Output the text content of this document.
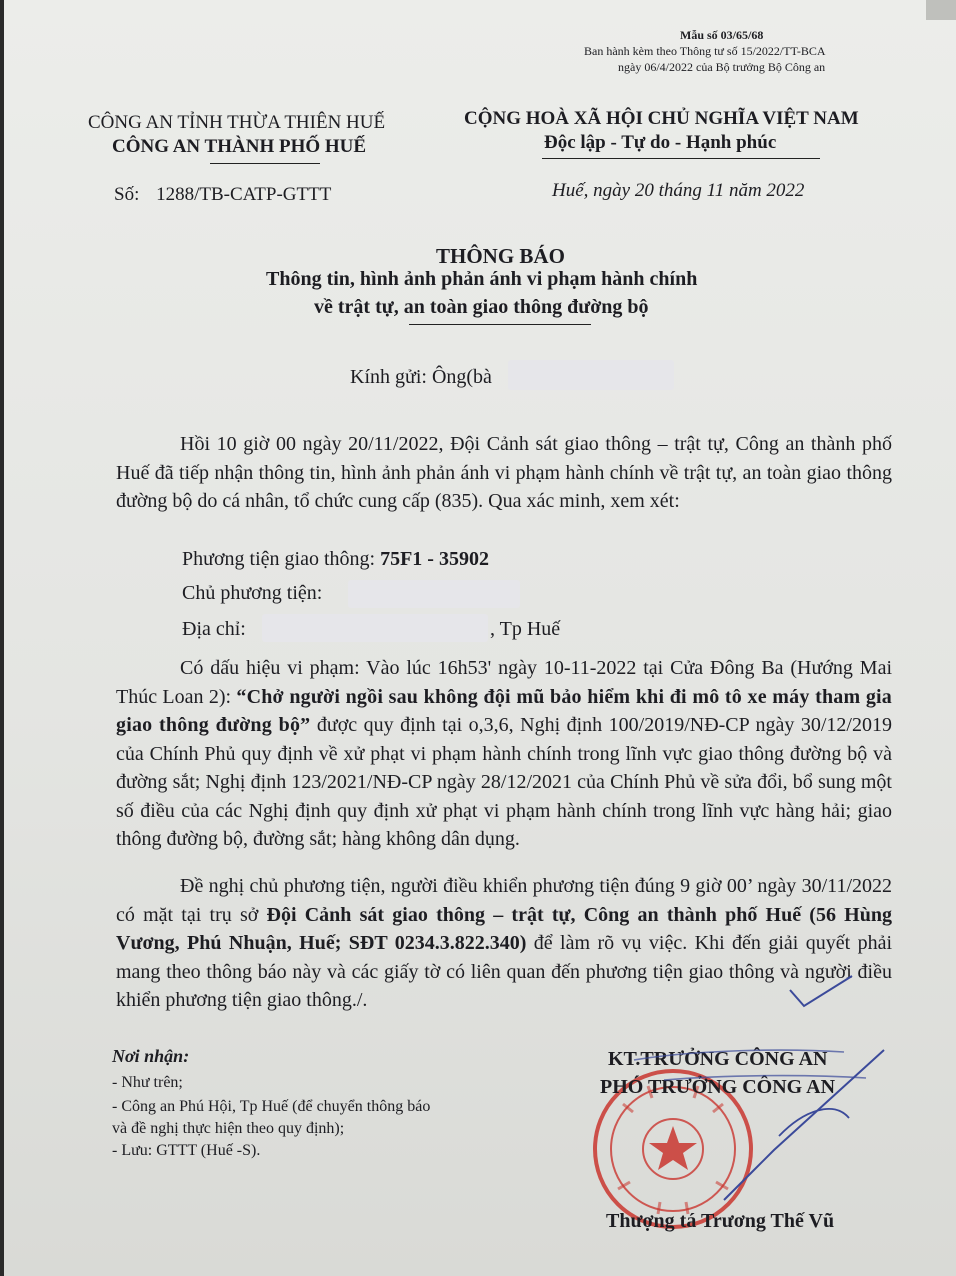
Mẫu số 03/65/68
Ban hành kèm theo Thông tư số 15/2022/TT-BCA
ngày 06/4/2022 của Bộ trưởng Bộ Công an
CÔNG AN TỈNH THỪA THIÊN HUẾ
CÔNG AN THÀNH PHỐ HUẾ
Số: 1288/TB-CATP-GTTT
CỘNG HOÀ XÃ HỘI CHỦ NGHĨA VIỆT NAM
Độc lập - Tự do - Hạnh phúc
Huế, ngày 20 tháng 11 năm 2022
THÔNG BÁO
Thông tin, hình ảnh phản ánh vi phạm hành chính
về trật tự, an toàn giao thông đường bộ
Kính gửi: Ông(bà
Hồi 10 giờ 00 ngày 20/11/2022, Đội Cảnh sát giao thông – trật tự, Công an thành phố Huế đã tiếp nhận thông tin, hình ảnh phản ánh vi phạm hành chính về trật tự, an toàn giao thông đường bộ do cá nhân, tổ chức cung cấp (835). Qua xác minh, xem xét:
Phương tiện giao thông: 75F1 - 35902
Chủ phương tiện:
Địa chỉ:	, Tp Huế
Có dấu hiệu vi phạm: Vào lúc 16h53' ngày 10-11-2022 tại Cửa Đông Ba (Hướng Mai Thúc Loan 2): “Chở người ngồi sau không đội mũ bảo hiểm khi đi mô tô xe máy tham gia giao thông đường bộ” được quy định tại o,3,6, Nghị định 100/2019/NĐ-CP ngày 30/12/2019 của Chính Phủ quy định về xử phạt vi phạm hành chính trong lĩnh vực giao thông đường bộ và đường sắt; Nghị định 123/2021/NĐ-CP ngày 28/12/2021 của Chính Phủ về sửa đổi, bổ sung một số điều của các Nghị định quy định xử phạt vi phạm hành chính trong lĩnh vực hàng hải; giao thông đường bộ, đường sắt; hàng không dân dụng.
Đề nghị chủ phương tiện, người điều khiển phương tiện đúng 9 giờ 00’ ngày 30/11/2022 có mặt tại trụ sở Đội Cảnh sát giao thông – trật tự, Công an thành phố Huế (56 Hùng Vương, Phú Nhuận, Huế; SĐT 0234.3.822.340) để làm rõ vụ việc. Khi đến giải quyết phải mang theo thông báo này và các giấy tờ có liên quan đến phương tiện giao thông và người điều khiển phương tiện giao thông./.
Nơi nhận:
- Như trên;
- Công an Phú Hội, Tp Huế (để chuyển thông báo
và đề nghị thực hiện theo quy định);
- Lưu: GTTT (Huế -S).
KT.TRƯỞNG CÔNG AN
PHÓ TRƯỞNG CÔNG AN
Thượng tá Trương Thế Vũ
